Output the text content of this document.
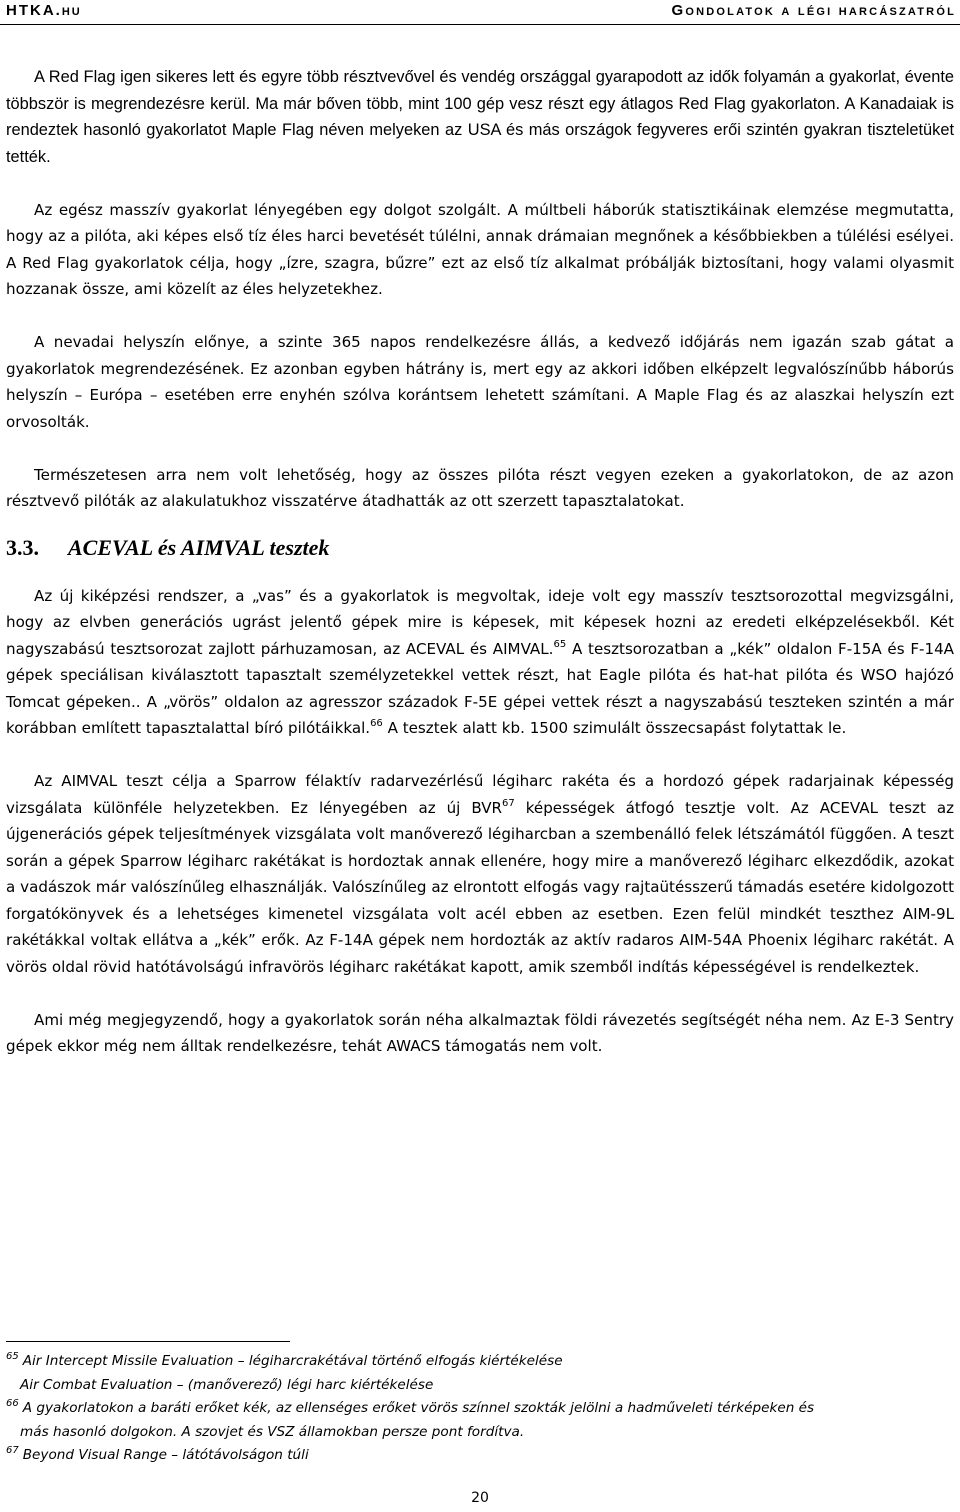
HTKA.hu	Gondolatok a légi harcászatról

A Red Flag igen sikeres lett és egyre több résztvevővel és vendég országgal gyarapodott az idők folyamán a gyakorlat, évente többször is megrendezésre kerül. Ma már bőven több, mint 100 gép vesz részt egy átlagos Red Flag gyakorlaton. A Kanadaiak is rendeztek hasonló gyakorlatot Maple Flag néven melyeken az USA és más országok fegyveres erői szintén gyakran tiszteletüket tették.

Az egész masszív gyakorlat lényegében egy dolgot szolgált. A múltbeli háborúk statisztikáinak elemzése megmutatta, hogy az a pilóta, aki képes első tíz éles harci bevetését túlélni, annak drámaian megnőnek a későbbiekben a túlélési esélyei. A Red Flag gyakorlatok célja, hogy „ízre, szagra, bűzre” ezt az első tíz alkalmat próbálják biztosítani, hogy valami olyasmit hozzanak össze, ami közelít az éles helyzetekhez.

A nevadai helyszín előnye, a szinte 365 napos rendelkezésre állás, a kedvező időjárás nem igazán szab gátat a gyakorlatok megrendezésének. Ez azonban egyben hátrány is, mert egy az akkori időben elképzelt legvalószínűbb háborús helyszín – Európa – esetében erre enyhén szólva korántsem lehetett számítani. A Maple Flag és az alaszkai helyszín ezt orvosolták.

Természetesen arra nem volt lehetőség, hogy az összes pilóta részt vegyen ezeken a gyakorlatokon, de az azon résztvevő pilóták az alakulatukhoz visszatérve átadhatták az ott szerzett tapasztalatokat.

3.3. ACEVAL és AIMVAL tesztek

Az új kiképzési rendszer, a „vas” és a gyakorlatok is megvoltak, ideje volt egy masszív tesztsorozottal megvizsgálni, hogy az elvben generációs ugrást jelentő gépek mire is képesek, mit képesek hozni az eredeti elképzelésekből. Két nagyszabású tesztsorozat zajlott párhuzamosan, az ACEVAL és AIMVAL.$^{65}$ A tesztsorozatban a „kék” oldalon F-15A és F-14A gépek speciálisan kiválasztott tapasztalt személyzetekkel vettek részt, hat Eagle pilóta és hat-hat pilóta és WSO hajózó Tomcat gépeken.. A „vörös” oldalon az agresszor századok F-5E gépei vettek részt a nagyszabású teszteken szintén a már korábban említett tapasztalattal bíró pilótáikkal.$^{66}$ A tesztek alatt kb. 1500 szimulált összecsapást folytattak le.

Az AIMVAL teszt célja a Sparrow félaktív radarvezérlésű légiharc rakéta és a hordozó gépek radarjainak képesség vizsgálata különféle helyzetekben. Ez lényegében az új BVR$^{67}$ képességek átfogó tesztje volt. Az ACEVAL teszt az újgenerációs gépek teljesítmények vizsgálata volt manőverező légiharcban a szembenálló felek létszámától függően. A teszt során a gépek Sparrow légiharc rakétákat is hordoztak annak ellenére, hogy mire a manőverező légiharc elkezdődik, azokat a vadászok már valószínűleg elhasználják. Valószínűleg az elrontott elfogás vagy rajtaütésszerű támadás esetére kidolgozott forgatókönyvek és a lehetséges kimenetel vizsgálata volt acél ebben az esetben. Ezen felül mindkét teszthez AIM-9L rakétákkal voltak ellátva a „kék” erők. Az F-14A gépek nem hordozták az aktív radaros AIM-54A Phoenix légiharc rakétát. A vörös oldal rövid hatótávolságú infravörös légiharc rakétákat kapott, amik szemből indítás képességével is rendelkeztek.

Ami még megjegyzendő, hogy a gyakorlatok során néha alkalmaztak földi rávezetés segítségét néha nem. Az E-3 Sentry gépek ekkor még nem álltak rendelkezésre, tehát AWACS támogatás nem volt.

$^{65}$ Air Intercept Missile Evaluation – légiharcrakétával történő elfogás kiértékelése

Air Combat Evaluation – (manőverező) légi harc kiértékelése

$^{66}$ A gyakorlatokon a baráti erőket kék, az ellenséges erőket vörös színnel szokták jelölni a hadműveleti térképeken és

más hasonló dolgokon. A szovjet és VSZ államokban persze pont fordítva.

$^{67}$ Beyond Visual Range – látótávolságon túli

20
